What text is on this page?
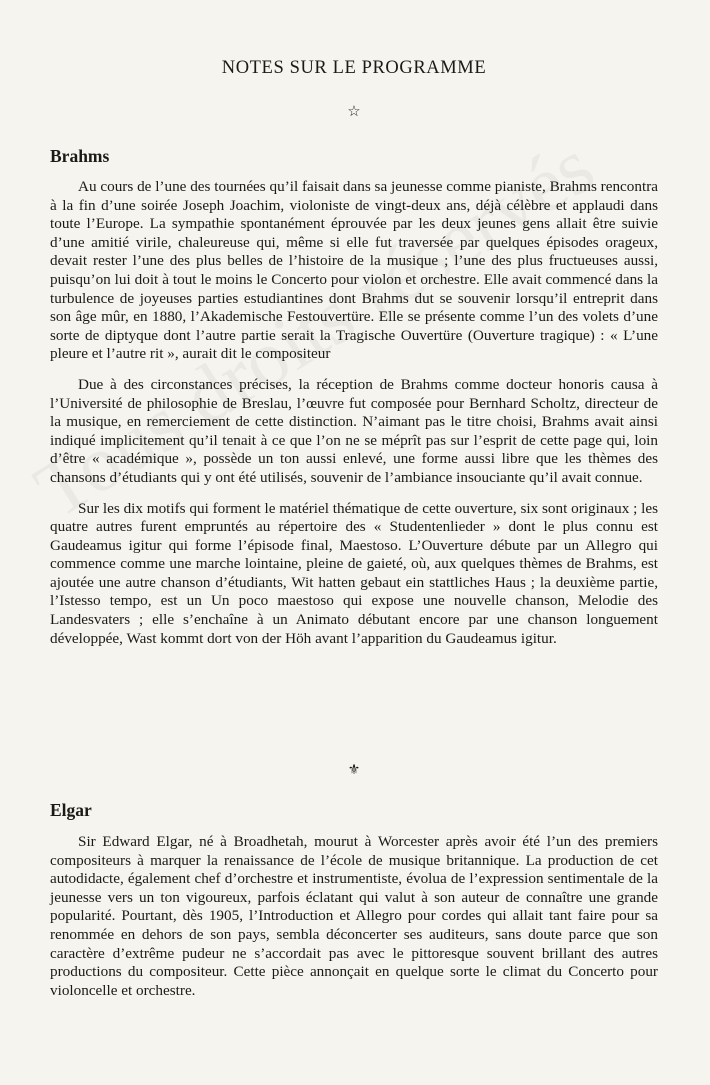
NOTES SUR LE PROGRAMME
☆
Brahms

Au cours de l’une des tournées qu’il faisait dans sa jeunesse comme pianiste, Brahms rencontra à la fin d’une soirée Joseph Joachim, violoniste de vingt-deux ans, déjà célèbre et applaudi dans toute l’Europe. La sympathie spontanément éprouvée par les deux jeunes gens allait être suivie d’une amitié virile, chaleureuse qui, même si elle fut traversée par quelques épisodes orageux, devait rester l’une des plus belles de l’histoire de la musique ; l’une des plus fructueuses aussi, puisqu’on lui doit à tout le moins le Concerto pour violon et orchestre. Elle avait commencé dans la turbulence de joyeuses parties estudiantines dont Brahms dut se souvenir lorsqu’il entreprit dans son âge mûr, en 1880, l’Akademische Festouvertüre. Elle se présente comme l’un des volets d’une sorte de diptyque dont l’autre partie serait la Tragische Ouvertüre (Ouverture tragique) : « L’une pleure et l’autre rit », aurait dit le compositeur

Due à des circonstances précises, la réception de Brahms comme docteur honoris causa à l’Université de philosophie de Breslau, l’œuvre fut composée pour Bernhard Scholtz, directeur de la musique, en remerciement de cette distinction. N’aimant pas le titre choisi, Brahms avait ainsi indiqué implicitement qu’il tenait à ce que l’on ne se méprît pas sur l’esprit de cette page qui, loin d’être « académique », possède un ton aussi enlevé, une forme aussi libre que les thèmes des chansons d’étudiants qui y ont été utilisés, souvenir de l’ambiance insouciante qu’il avait connue.

Sur les dix motifs qui forment le matériel thématique de cette ouverture, six sont originaux ; les quatre autres furent empruntés au répertoire des « Studentenlieder » dont le plus connu est Gaudeamus igitur qui forme l’épisode final, Maestoso. L’Ouverture débute par un Allegro qui commence comme une marche lointaine, pleine de gaieté, où, aux quelques thèmes de Brahms, est ajoutée une autre chanson d’étudiants, Wit hatten gebaut ein stattliches Haus ; la deuxième partie, l’Istesso tempo, est un Un poco maestoso qui expose une nouvelle chanson, Melodie des Landesvaters ; elle s’enchaîne à un Animato débutant encore par une chanson longuement développée, Wast kommt dort von der Höh avant l’apparition du Gaudeamus igitur.

⚜
Elgar

Sir Edward Elgar, né à Broadhetah, mourut à Worcester après avoir été l’un des premiers compositeurs à marquer la renaissance de l’école de musique britannique. La production de cet autodidacte, également chef d’orchestre et instrumentiste, évolua de l’expression sentimentale de la jeunesse vers un ton vigoureux, parfois éclatant qui valut à son auteur de connaître une grande popularité. Pourtant, dès 1905, l’Introduction et Allegro pour cordes qui allait tant faire pour sa renommée en dehors de son pays, sembla déconcerter ses auditeurs, sans doute parce que son caractère d’extrême pudeur ne s’accordait pas avec le pittoresque souvent brillant des autres productions du compositeur. Cette pièce annonçait en quelque sorte le climat du Concerto pour violoncelle et orchestre.
